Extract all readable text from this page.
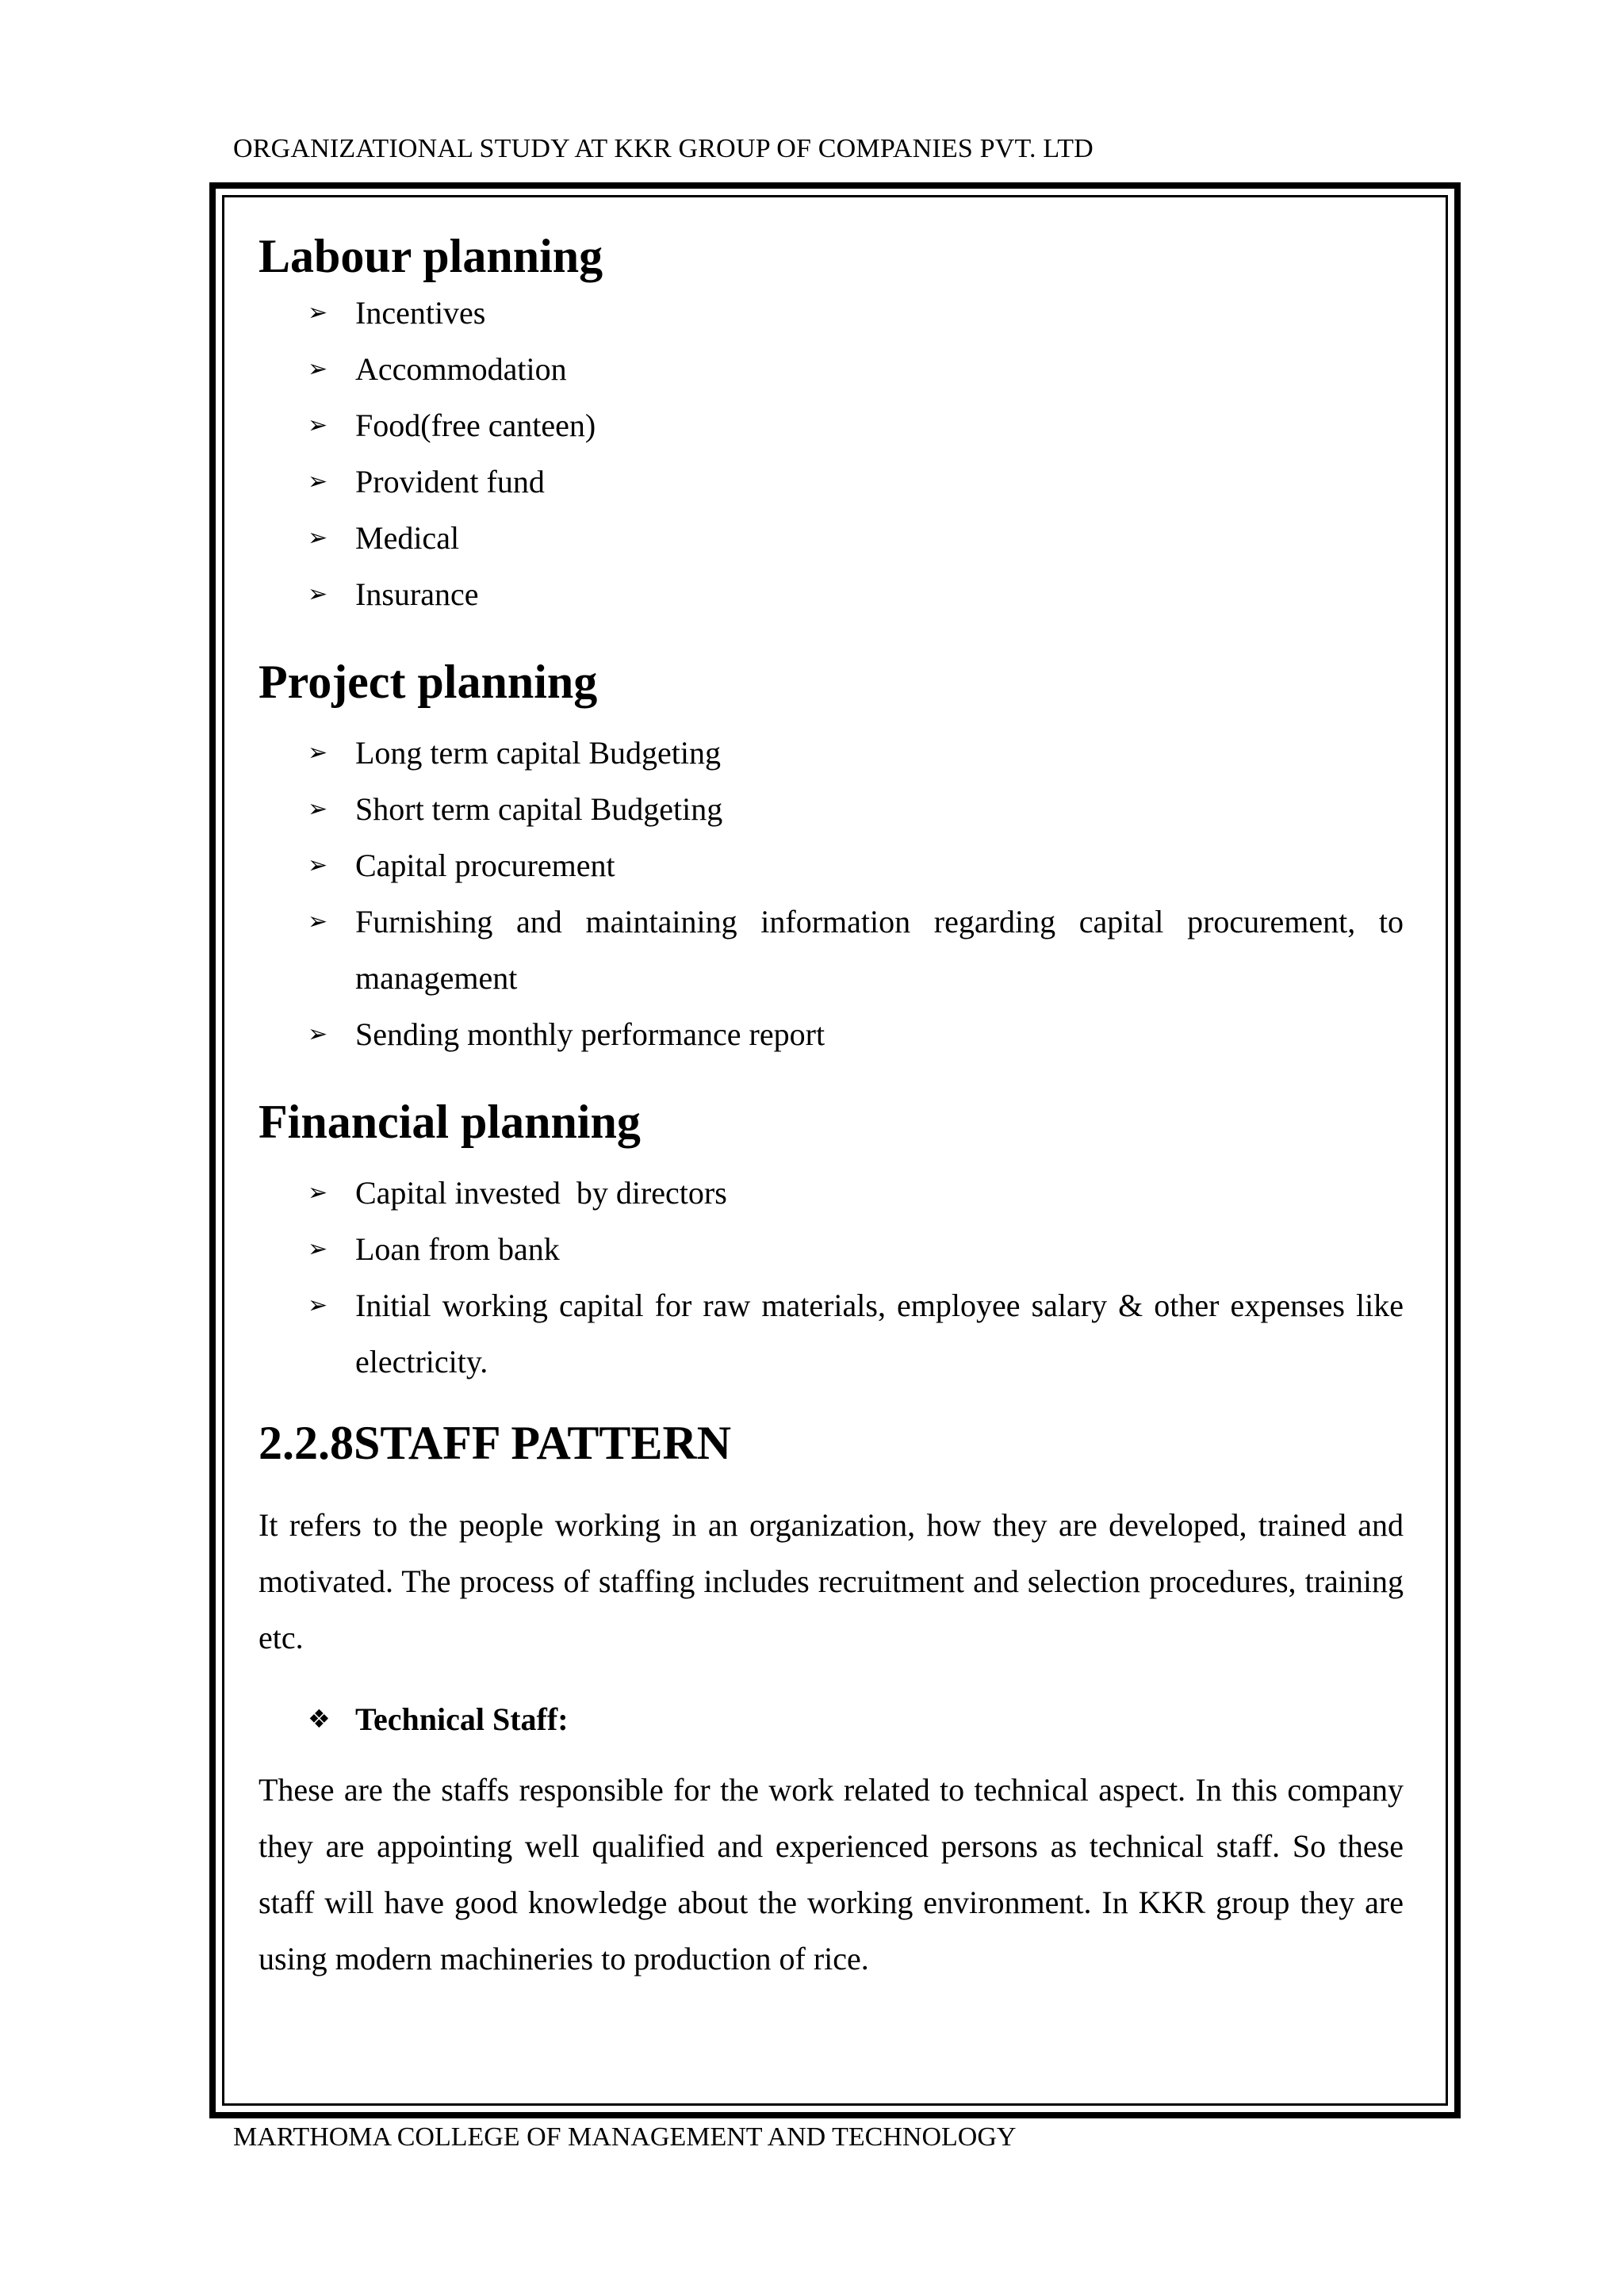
ORGANIZATIONAL STUDY AT KKR GROUP OF COMPANIES PVT. LTD
Labour planning
➢ Incentives
➢ Accommodation
➢ Food(free canteen)
➢ Provident fund
➢ Medical
➢ Insurance
Project planning
➢ Long term capital Budgeting
➢ Short term capital Budgeting
➢ Capital procurement
➢ Furnishing and maintaining information regarding capital procurement, to management
➢ Sending monthly performance report
Financial planning
➢ Capital invested  by directors
➢ Loan from bank
➢ Initial working capital for raw materials, employee salary & other expenses like electricity.
2.2.8STAFF PATTERN

It refers to the people working in an organization, how they are developed, trained and motivated. The process of staffing includes recruitment and selection procedures, training etc.

❖ Technical Staff:

These are the staffs responsible for the work related to technical aspect. In this company they are appointing well qualified and experienced persons as technical staff. So these staff will have good knowledge about the working environment. In KKR group they are using modern machineries to production of rice.

MARTHOMA COLLEGE OF MANAGEMENT AND TECHNOLOGY
